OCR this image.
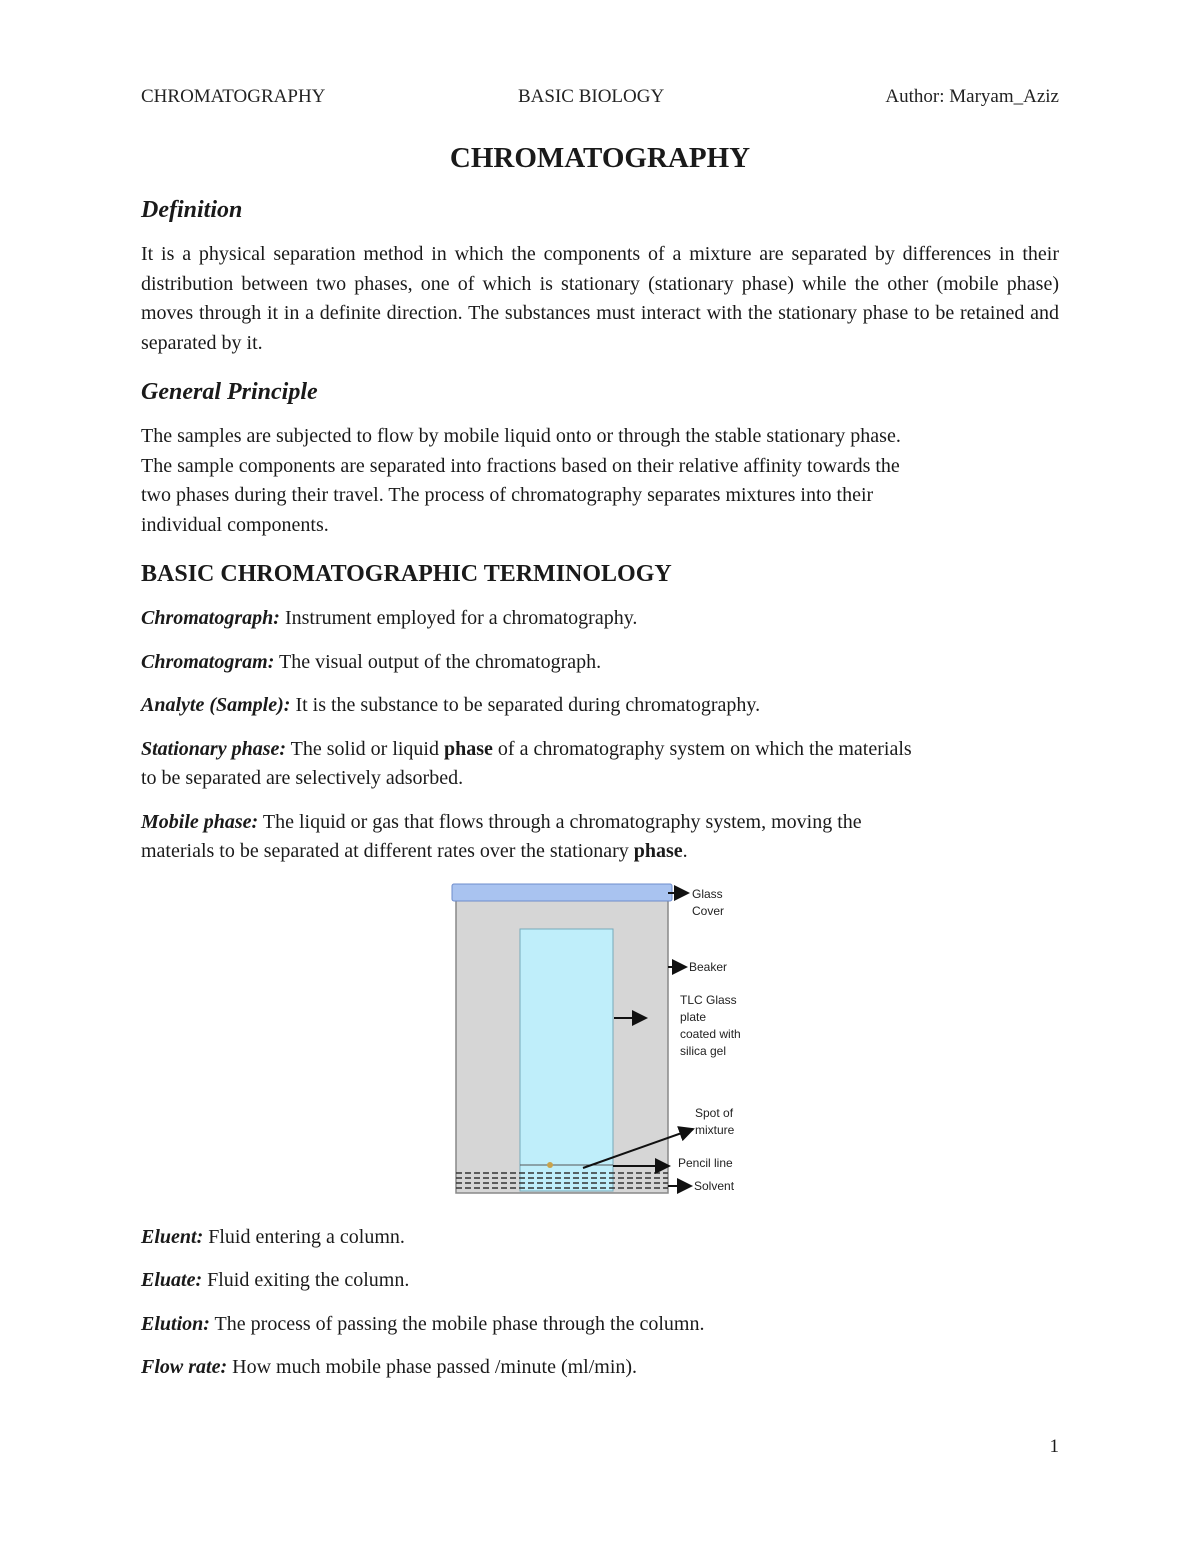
CHROMATOGRAPHY	BASIC BIOLOGY	Author: Maryam_Aziz
CHROMATOGRAPHY
Definition

It is a physical separation method in which the components of a mixture are separated by differences in their distribution between two phases, one of which is stationary (stationary phase) while the other (mobile phase) moves through it in a definite direction. The substances must interact with the stationary phase to be retained and separated by it.

General Principle

The samples are subjected to flow by mobile liquid onto or through the stable stationary phase.
The sample components are separated into fractions based on their relative affinity towards the
two phases during their travel. The process of chromatography separates mixtures into their
individual components.

BASIC CHROMATOGRAPHIC TERMINOLOGY

Chromatograph: Instrument employed for a chromatography.

Chromatogram: The visual output of the chromatograph.

Analyte (Sample): It is the substance to be separated during chromatography.

Stationary phase: The solid or liquid phase of a chromatography system on which the materials
to be separated are selectively adsorbed.

Mobile phase: The liquid or gas that flows through a chromatography system, moving the
materials to be separated at different rates over the stationary phase.

Glass
Cover
Beaker
TLC Glass
plate
coated with
silica gel
Spot of
mixture
Pencil line
Solvent

Eluent: Fluid entering a column.

Eluate: Fluid exiting the column.

Elution: The process of passing the mobile phase through the column.

Flow rate: How much mobile phase passed /minute (ml/min).

1
